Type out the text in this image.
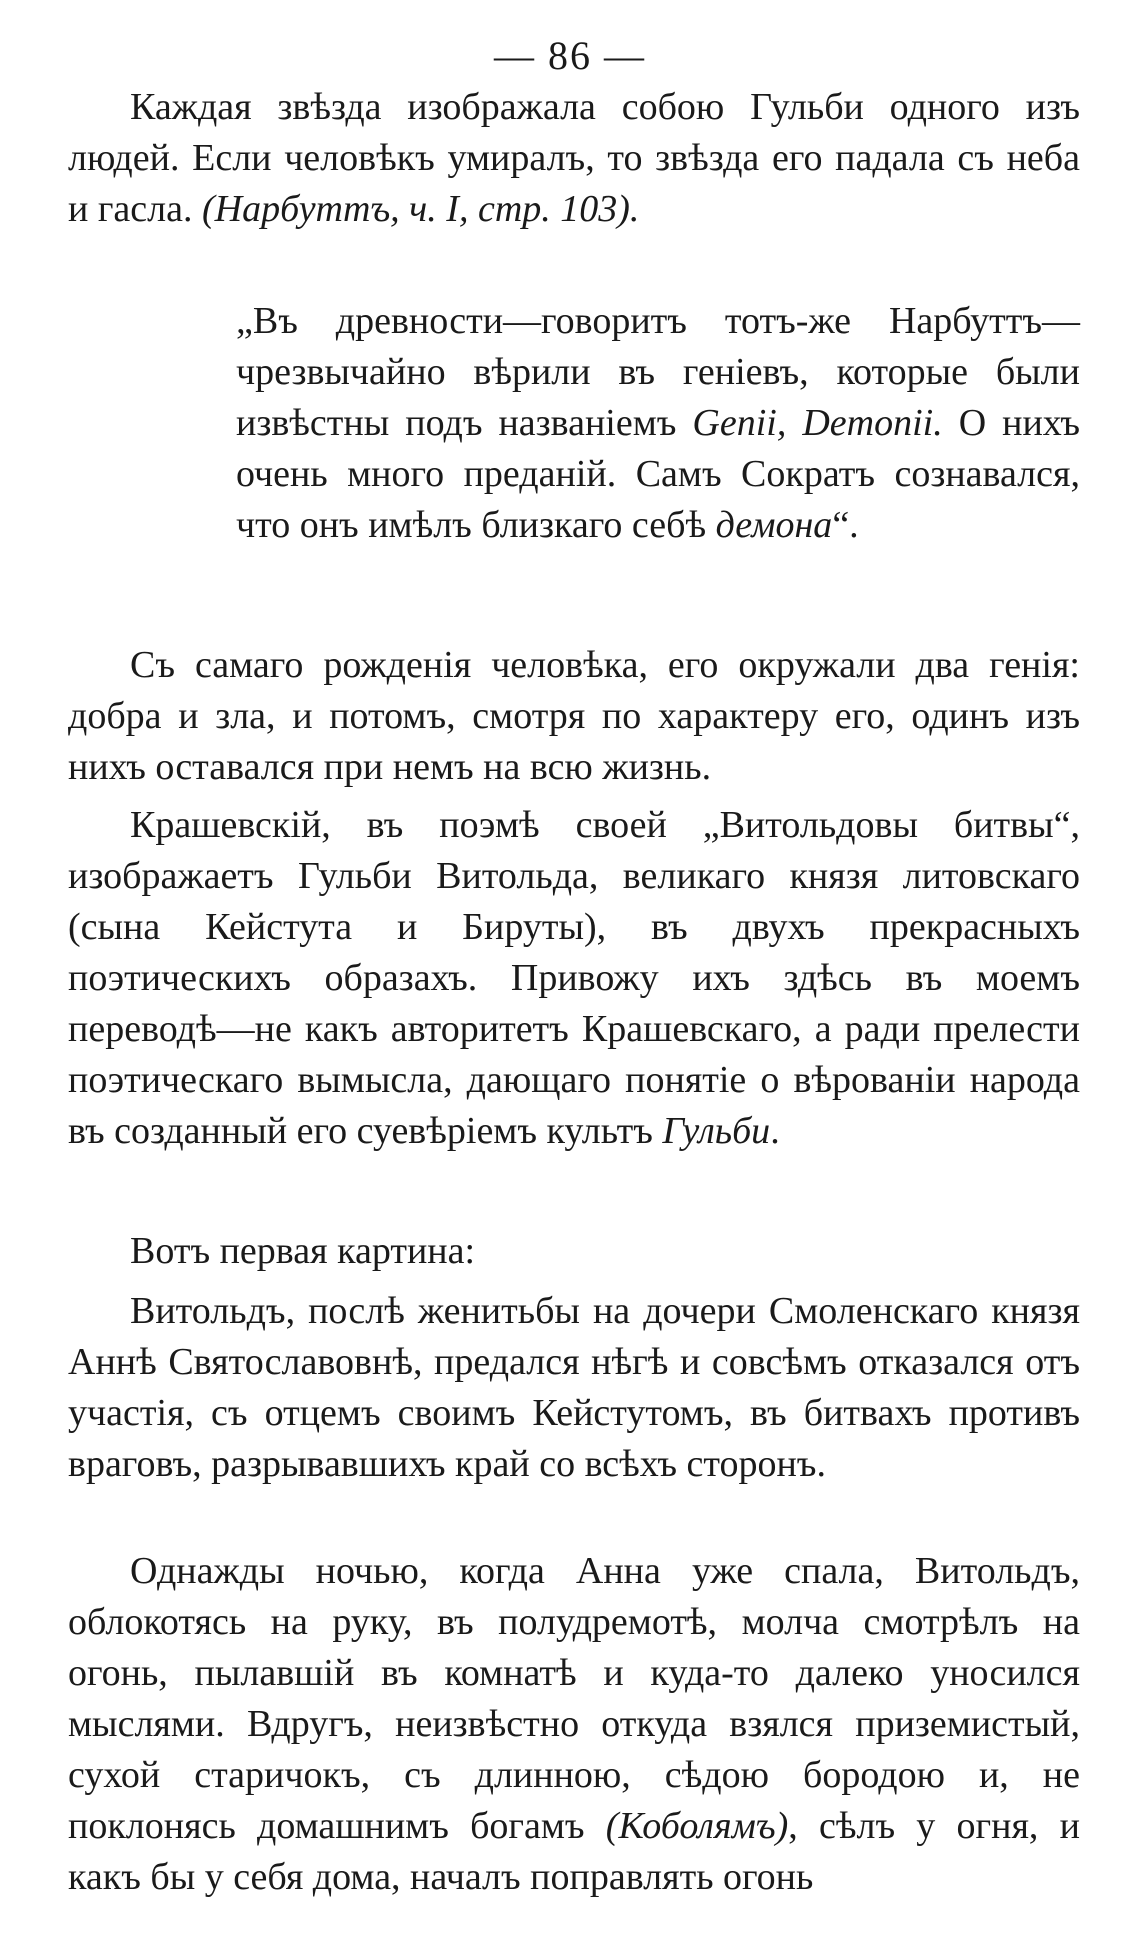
— 86 —

Каждая звѣзда изображала собою Гульби одного изъ людей. Если человѣкъ умиралъ, то звѣзда его падала съ неба и гасла. (Нарбуттъ, ч. I, стр. 103).

„Въ древности—говоритъ тотъ-же Нарбуттъ—чрезвычайно вѣрили въ геніевъ, которые были извѣстны подъ названіемъ Genii, Demonii. О нихъ очень много преданій. Самъ Сократъ сознавался, что онъ имѣлъ близкаго себѣ демона“.

Съ самаго рожденія человѣка, его окружали два генія: добра и зла, и потомъ, смотря по характеру его, одинъ изъ нихъ оставался при немъ на всю жизнь.

Крашевскій, въ поэмѣ своей „Витольдовы битвы“, изображаетъ Гульби Витольда, великаго князя литовскаго (сына Кейстута и Бируты), въ двухъ прекрасныхъ поэтическихъ образахъ. Привожу ихъ здѣсь въ моемъ переводѣ—не какъ авторитетъ Крашевскаго, а ради прелести поэтическаго вымысла, дающаго понятіе о вѣрованіи народа въ созданный его суевѣріемъ культъ Гульби.

Вотъ первая картина:

Витольдъ, послѣ женитьбы на дочери Смоленскаго князя Аннѣ Святославовнѣ, предался нѣгѣ и совсѣмъ отказался отъ участія, съ отцемъ своимъ Кейстутомъ, въ битвахъ противъ враговъ, разрывавшихъ край со всѣхъ сторонъ.

Однажды ночью, когда Анна уже спала, Витольдъ, облокотясь на руку, въ полудремотѣ, молча смотрѣлъ на огонь, пылавшій въ комнатѣ и куда-то далеко уносился мыслями. Вдругъ, неизвѣстно откуда взялся приземистый, сухой старичокъ, съ длинною, сѣдою бородою и, не поклонясь домашнимъ богамъ (Коболямъ), сѣлъ у огня, и какъ бы у себя дома, началъ поправлять огонь
